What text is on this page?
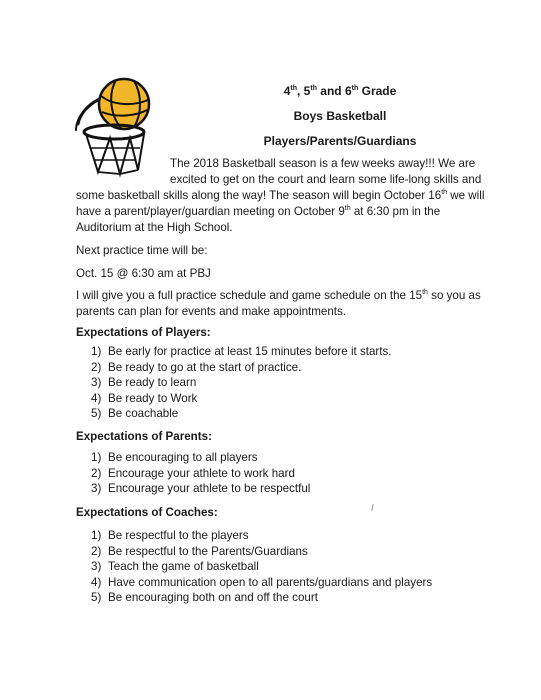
4th, 5th and 6th Grade
Boys Basketball
Players/Parents/Guardians

The 2018 Basketball season is a few weeks away!!! We are

excited to get on the court and learn some life-long skills and

some basketball skills along the way! The season will begin October 16th we will

have a parent/player/guardian meeting on October 9th at 6:30 pm in the

Auditorium at the High School.

Next practice time will be:

Oct. 15 @ 6:30 am at PBJ

I will give you a full practice schedule and game schedule on the 15th so you as

parents can plan for events and make appointments.

Expectations of Players:
1) Be early for practice at least 15 minutes before it starts.
2) Be ready to go at the start of practice.
3) Be ready to learn
4) Be ready to Work
5) Be coachable
Expectations of Parents:
1) Be encouraging to all players
2) Encourage your athlete to work hard
3) Encourage your athlete to be respectful
Expectations of Coaches:
1) Be respectful to the players
2) Be respectful to the Parents/Guardians
3) Teach the game of basketball
4) Have communication open to all parents/guardians and players
5) Be encouraging both on and off the court
